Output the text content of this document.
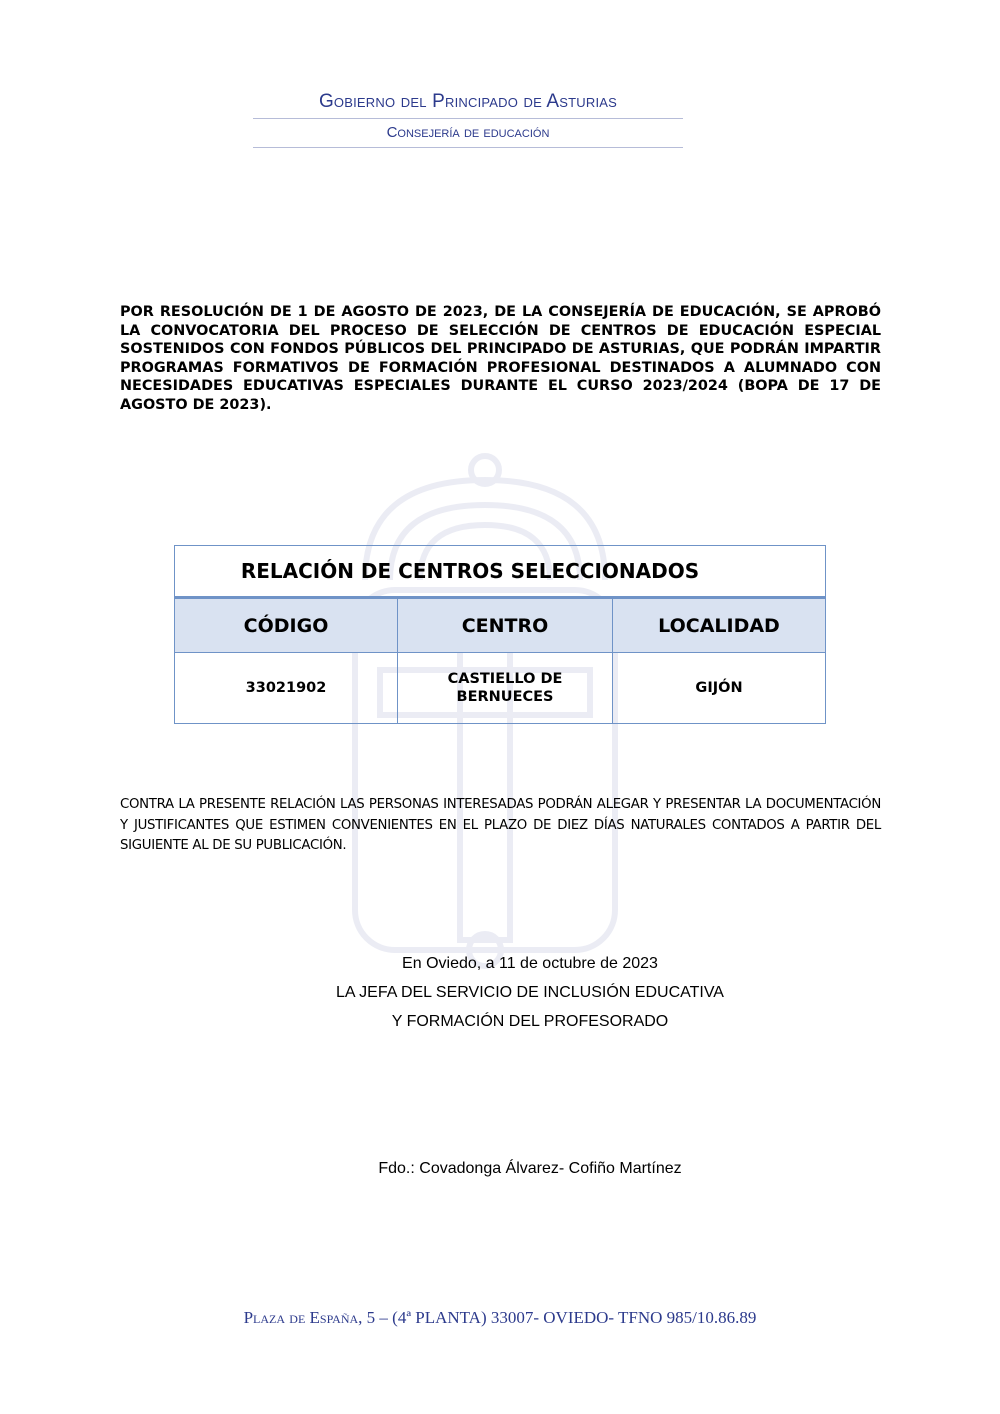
Gobierno del Principado de Asturias
Consejería de educación

POR RESOLUCIÓN DE 1 DE AGOSTO DE 2023, DE LA CONSEJERÍA DE EDUCACIÓN, SE APROBÓ LA CONVOCATORIA DEL PROCESO DE SELECCIÓN DE CENTROS DE EDUCACIÓN ESPECIAL SOSTENIDOS CON FONDOS PÚBLICOS DEL PRINCIPADO DE ASTURIAS, QUE PODRÁN IMPARTIR PROGRAMAS FORMATIVOS DE FORMACIÓN PROFESIONAL DESTINADOS A ALUMNADO CON NECESIDADES EDUCATIVAS ESPECIALES DURANTE EL CURSO 2023/2024 (BOPA DE 17 DE AGOSTO DE 2023).

RELACIÓN DE CENTROS SELECCIONADOS		
CÓDIGO	CENTRO	LOCALIDAD
33021902	CASTIELLO DE BERNUECES	GIJÓN

CONTRA LA PRESENTE RELACIÓN LAS PERSONAS INTERESADAS PODRÁN ALEGAR Y PRESENTAR LA DOCUMENTACIÓN Y JUSTIFICANTES QUE ESTIMEN CONVENIENTES EN EL PLAZO DE DIEZ DÍAS NATURALES CONTADOS A PARTIR DEL SIGUIENTE AL DE SU PUBLICACIÓN.

En Oviedo, a 11 de octubre de 2023
LA JEFA DEL SERVICIO DE INCLUSIÓN EDUCATIVA
Y FORMACIÓN DEL PROFESORADO
Fdo.: Covadonga Álvarez- Cofiño Martínez
Plaza de España, 5 – (4ª PLANTA) 33007- OVIEDO- TFNO 985/10.86.89
